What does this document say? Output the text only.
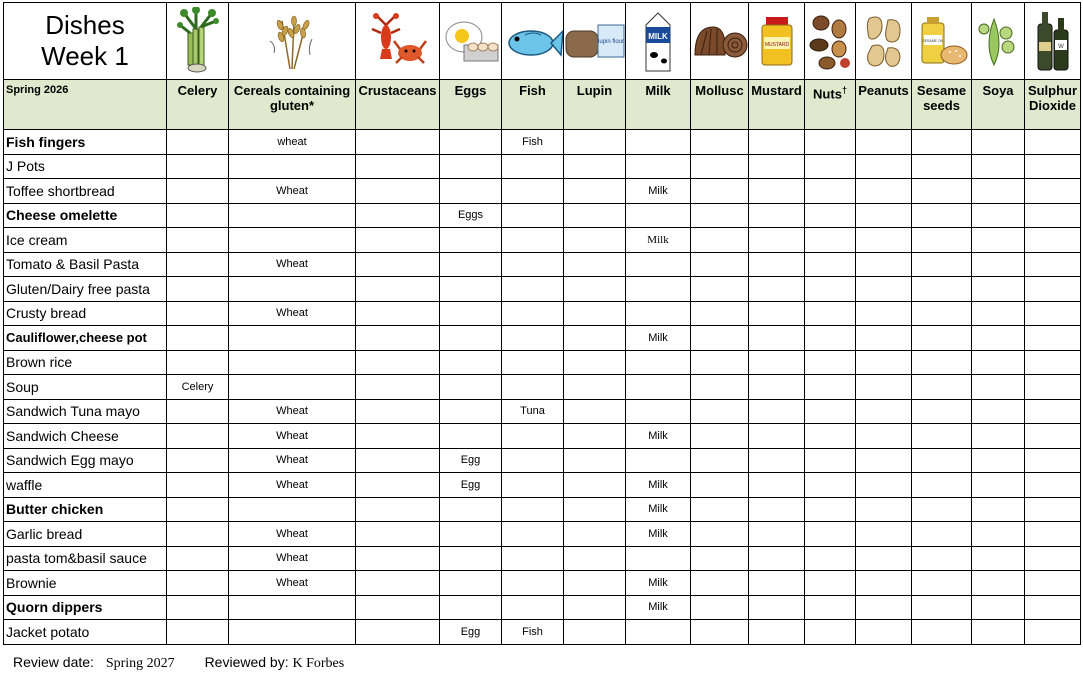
Dishes
Week 1						lupin flour	MILK		MUSTARD			SESAME OIL		W

Spring 2026	Celery	Cereals containing gluten*	Crustaceans	Eggs	Fish	Lupin	Milk	Mollusc	Mustard	Nuts†	Peanuts	Sesame seeds	Soya	Sulphur Dioxide
Fish fingers		wheat			Fish									
J Pots														
Toffee shortbread		Wheat					Milk							
Cheese omelette				Eggs										
Ice cream							Milk							
Tomato & Basil Pasta		Wheat												
Gluten/Dairy free pasta														
Crusty bread		Wheat												
Cauliflower,cheese pot							Milk							
Brown rice														
Soup	Celery													
Sandwich Tuna mayo		Wheat			Tuna									
Sandwich Cheese		Wheat					Milk							
Sandwich Egg mayo		Wheat		Egg										
waffle		Wheat		Egg			Milk							
Butter chicken							Milk							
Garlic bread		Wheat					Milk							
pasta tom&basil sauce		Wheat												
Brownie		Wheat					Milk							
Quorn dippers							Milk							
Jacket potato				Egg	Fish									
Review date: Spring 2027 Reviewed by: K Forbes
